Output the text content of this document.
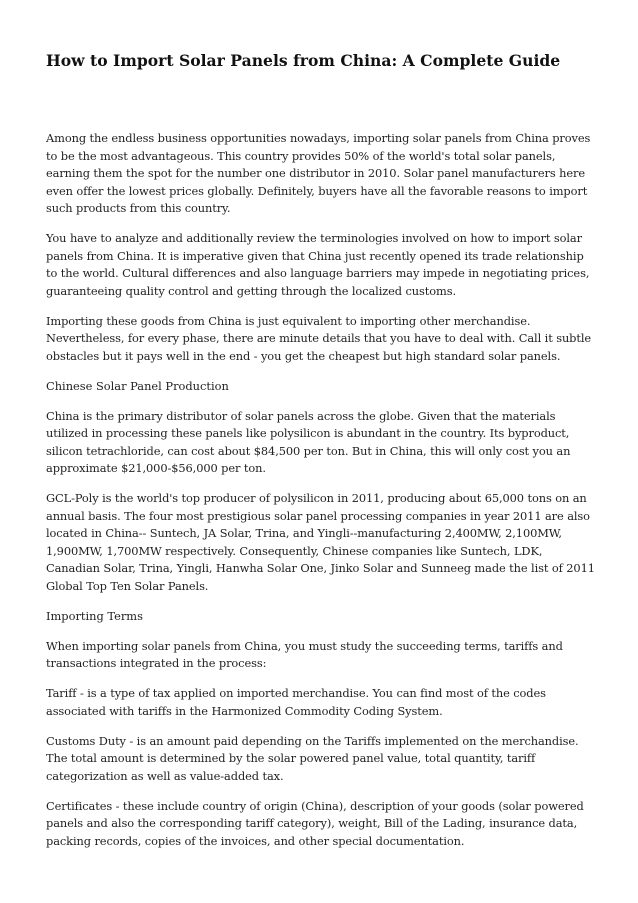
How to Import Solar Panels from China: A Complete Guide

Among the endless business opportunities nowadays, importing solar panels from China proves to be the most advantageous. This country provides 50% of the world's total solar panels, earning them the spot for the number one distributor in 2010. Solar panel manufacturers here even offer the lowest prices globally. Definitely, buyers have all the favorable reasons to import such products from this country.

You have to analyze and additionally review the terminologies involved on how to import solar panels from China. It is imperative given that China just recently opened its trade relationship to the world. Cultural differences and also language barriers may impede in negotiating prices, guaranteeing quality control and getting through the localized customs.

Importing these goods from China is just equivalent to importing other merchandise. Nevertheless, for every phase, there are minute details that you have to deal with. Call it subtle obstacles but it pays well in the end - you get the cheapest but high standard solar panels.

Chinese Solar Panel Production

China is the primary distributor of solar panels across the globe. Given that the materials utilized in processing these panels like polysilicon is abundant in the country. Its byproduct, silicon tetrachloride, can cost about $84,500 per ton. But in China, this will only cost you an approximate $21,000-$56,000 per ton.

GCL-Poly is the world's top producer of polysilicon in 2011, producing about 65,000 tons on an annual basis. The four most prestigious solar panel processing companies in year 2011 are also located in China-- Suntech, JA Solar, Trina, and Yingli--manufacturing 2,400MW, 2,100MW, 1,900MW, 1,700MW respectively. Consequently, Chinese companies like Suntech, LDK, Canadian Solar, Trina, Yingli, Hanwha Solar One, Jinko Solar and Sunneeg made the list of 2011 Global Top Ten Solar Panels.

Importing Terms

When importing solar panels from China, you must study the succeeding terms, tariffs and transactions integrated in the process:

Tariff - is a type of tax applied on imported merchandise. You can find most of the codes associated with tariffs in the Harmonized Commodity Coding System.

Customs Duty - is an amount paid depending on the Tariffs implemented on the merchandise. The total amount is determined by the solar powered panel value, total quantity, tariff categorization as well as value-added tax.

Certificates - these include country of origin (China), description of your goods (solar powered panels and also the corresponding tariff category), weight, Bill of the Lading, insurance data, packing records, copies of the invoices, and other special documentation.
